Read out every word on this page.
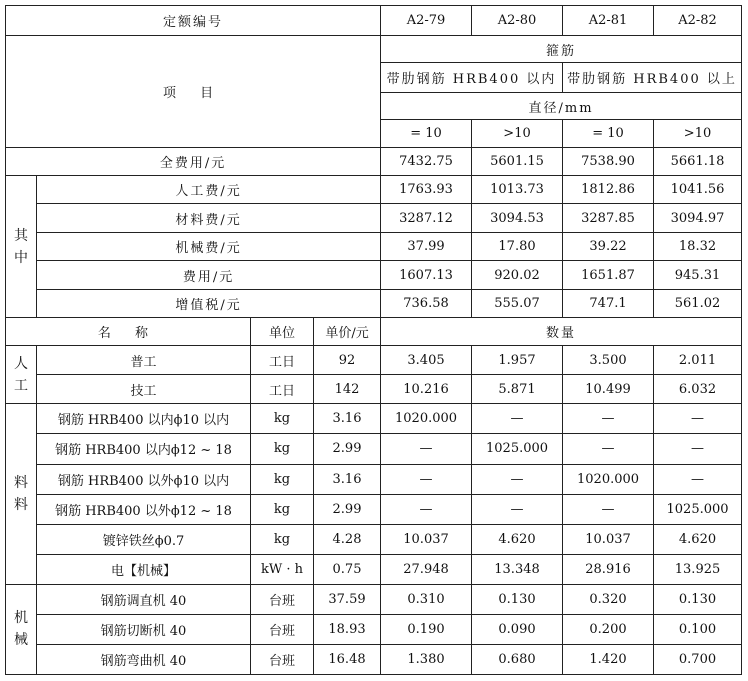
定额编号				A2-79	A2-80	A2-81	A2-82
项 目				箍筋			
				带肋钢筋 HRB400 以内		带肋钢筋 HRB400 以上	
				直径/mm			
				= 10	>10	= 10	>10
全费用/元				7432.75	5601.15	7538.90	5661.18
其
中	人工费/元			1763.93	1013.73	1812.86	1041.56
	材料费/元			3287.12	3094.53	3287.85	3094.97
	机械费/元			37.99	17.80	39.22	18.32
	费用/元			1607.13	920.02	1651.87	945.31
	增值税/元			736.58	555.07	747.1	561.02
名 称		单位	单价/元	数量			
人
工	普工	工日	92	3.405	1.957	3.500	2.011
	技工	工日	142	10.216	5.871	10.499	6.032
料
料	钢筋 HRB400 以内ϕ10 以内	kg	3.16	1020.000	—	—	—
	钢筋 HRB400 以内ϕ12 ~ 18	kg	2.99	—	1025.000	—	—
	钢筋 HRB400 以外ϕ10 以内	kg	3.16	—	—	1020.000	—
	钢筋 HRB400 以外ϕ12 ~ 18	kg	2.99	—	—	—	1025.000
	镀锌铁丝ϕ0.7	kg	4.28	10.037	4.620	10.037	4.620
	电【机械】	kW · h	0.75	27.948	13.348	28.916	13.925
机
械	钢筋调直机 40	台班	37.59	0.310	0.130	0.320	0.130
	钢筋切断机 40	台班	18.93	0.190	0.090	0.200	0.100
	钢筋弯曲机 40	台班	16.48	1.380	0.680	1.420	0.700
